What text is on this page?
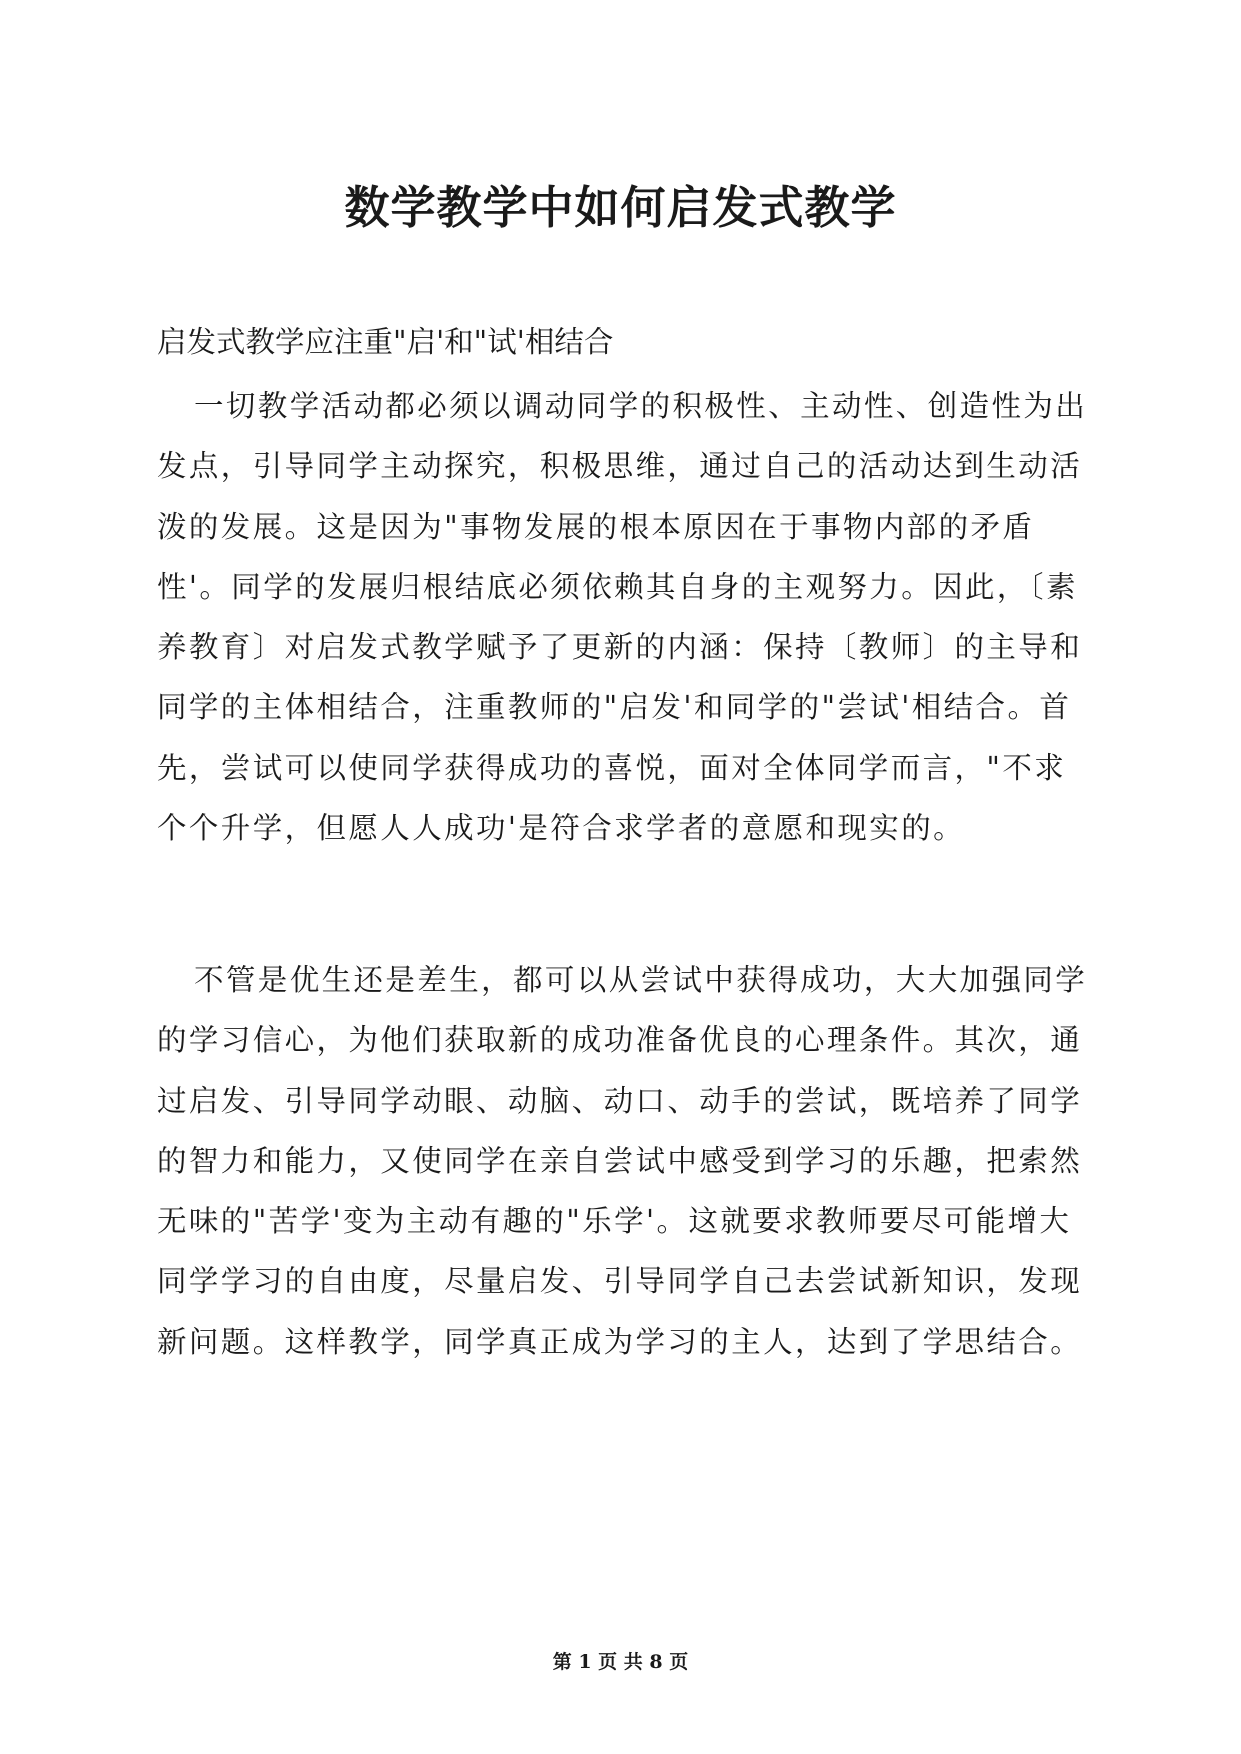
数学教学中如何启发式教学

启发式教学应注重"启'和"试'相结合

一切教学活动都必须以调动同学的积极性、主动性、创造性为出发点，引导同学主动探究，积极思维，通过自己的活动达到生动活泼的发展。这是因为"事物发展的根本原因在于事物内部的矛盾性'。同学的发展归根结底必须依赖其自身的主观努力。因此，〔素养教育〕对启发式教学赋予了更新的内涵：保持〔教师〕的主导和同学的主体相结合，注重教师的"启发'和同学的"尝试'相结合。首先，尝试可以使同学获得成功的喜悦，面对全体同学而言，"不求个个升学，但愿人人成功'是符合求学者的意愿和现实的。

不管是优生还是差生，都可以从尝试中获得成功，大大加强同学的学习信心，为他们获取新的成功准备优良的心理条件。其次，通过启发、引导同学动眼、动脑、动口、动手的尝试，既培养了同学的智力和能力，又使同学在亲自尝试中感受到学习的乐趣，把索然无味的"苦学'变为主动有趣的"乐学'。这就要求教师要尽可能增大同学学习的自由度，尽量启发、引导同学自己去尝试新知识，发现新问题。这样教学，同学真正成为学习的主人，达到了学思结合。

第 1 页 共 8 页
